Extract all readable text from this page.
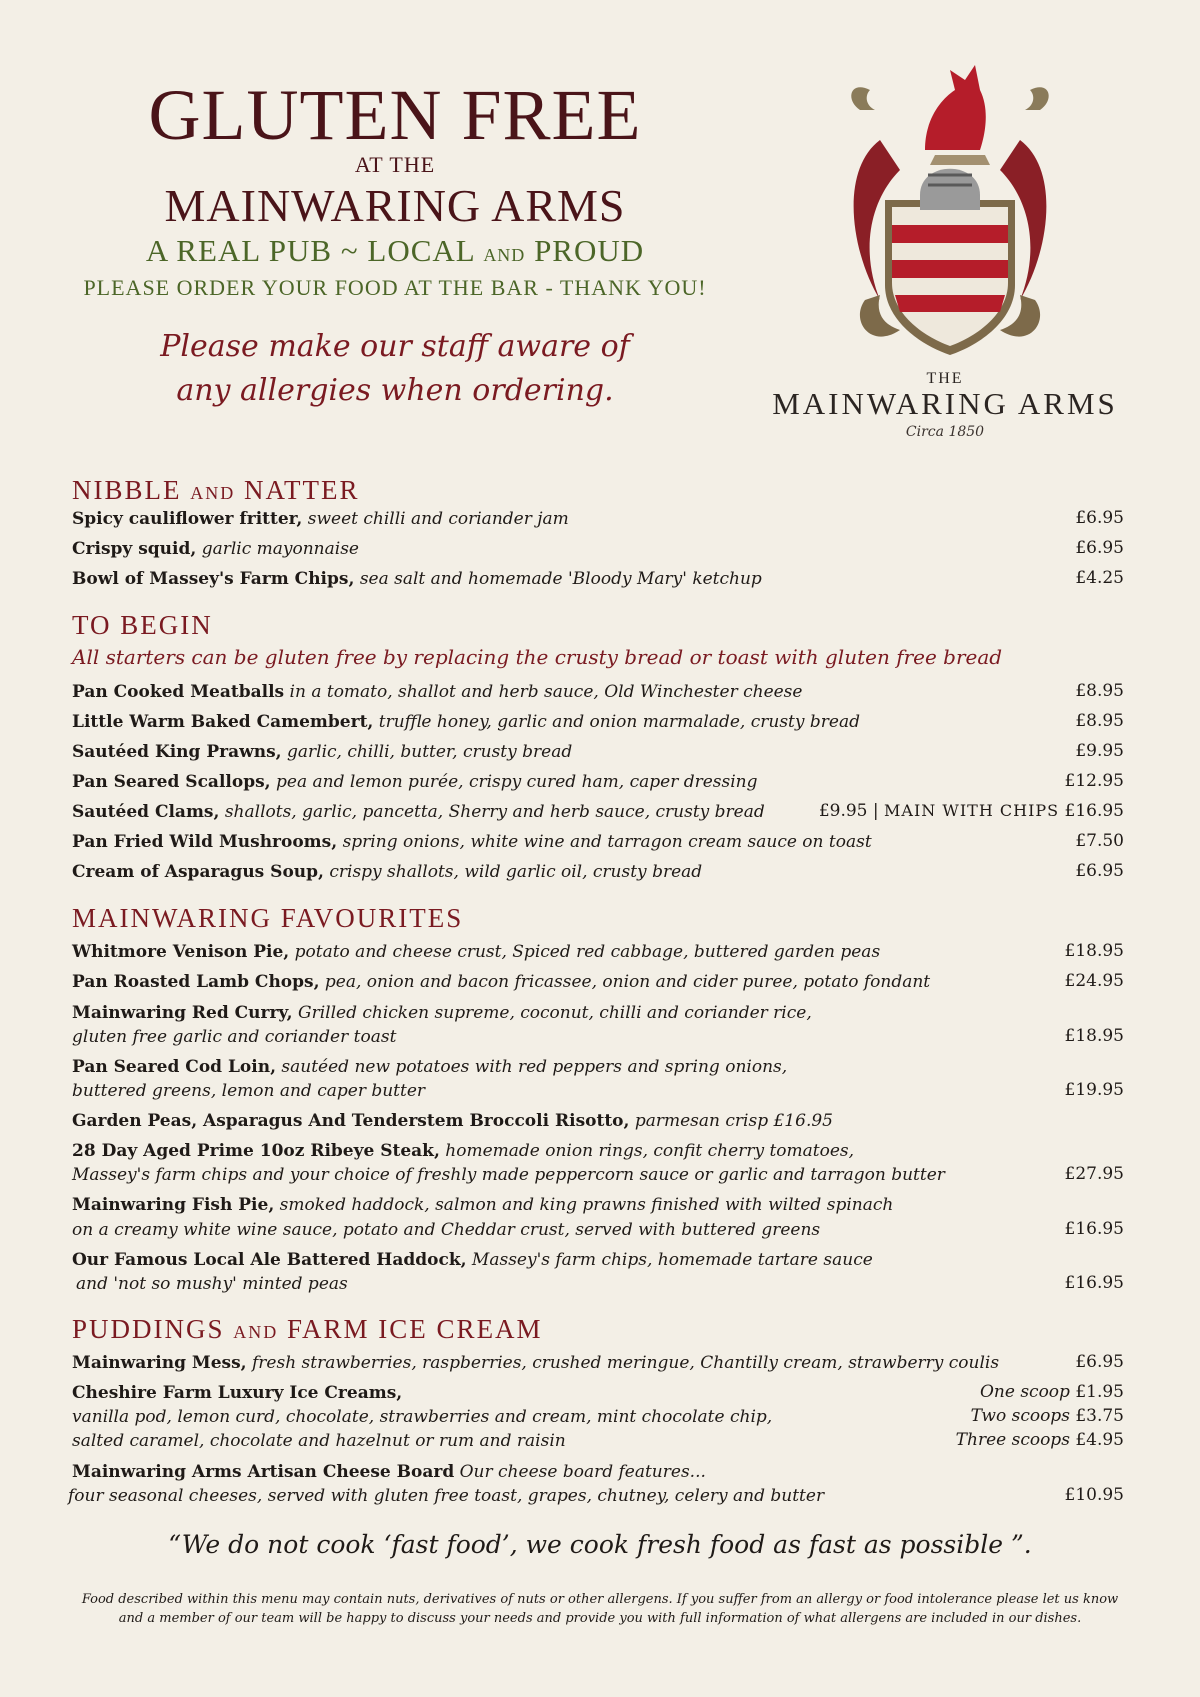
GLUTEN FREE
AT THE
MAINWARING ARMS
A REAL PUB ~ LOCAL AND PROUD
PLEASE ORDER YOUR FOOD AT THE BAR - THANK YOU!
Please make our staff aware of
any allergies when ordering.	THE
MAINWARING ARMS
Circa 1850
NIBBLE AND NATTER
Spicy cauliflower fritter, sweet chilli and coriander jam	£6.95
Crispy squid, garlic mayonnaise	£6.95
Bowl of Massey's Farm Chips, sea salt and homemade 'Bloody Mary' ketchup	£4.25
TO BEGIN
All starters can be gluten free by replacing the crusty bread or toast with gluten free bread
Pan Cooked Meatballs in a tomato, shallot and herb sauce, Old Winchester cheese	£8.95
Little Warm Baked Camembert, truffle honey, garlic and onion marmalade, crusty bread	£8.95
Sautéed King Prawns, garlic, chilli, butter, crusty bread	£9.95
Pan Seared Scallops, pea and lemon purée, crispy cured ham, caper dressing	£12.95
Sautéed Clams, shallots, garlic, pancetta, Sherry and herb sauce, crusty bread	£9.95 | MAIN WITH CHIPS £16.95
Pan Fried Wild Mushrooms, spring onions, white wine and tarragon cream sauce on toast	£7.50
Cream of Asparagus Soup, crispy shallots, wild garlic oil, crusty bread	£6.95
MAINWARING FAVOURITES
Whitmore Venison Pie, potato and cheese crust, Spiced red cabbage, buttered garden peas	£18.95
Pan Roasted Lamb Chops, pea, onion and bacon fricassee, onion and cider puree, potato fondant	£24.95
Mainwaring Red Curry, Grilled chicken supreme, coconut, chilli and coriander rice,
gluten free garlic and coriander toast	£18.95
Pan Seared Cod Loin, sautéed new potatoes with red peppers and spring onions,
buttered greens, lemon and caper butter	£19.95
Garden Peas, Asparagus And Tenderstem Broccoli Risotto, parmesan crisp £16.95
28 Day Aged Prime 10oz Ribeye Steak, homemade onion rings, confit cherry tomatoes,
Massey's farm chips and your choice of freshly made peppercorn sauce or garlic and tarragon butter	£27.95
Mainwaring Fish Pie, smoked haddock, salmon and king prawns finished with wilted spinach
on a creamy white wine sauce, potato and Cheddar crust, served with buttered greens	£16.95
Our Famous Local Ale Battered Haddock, Massey's farm chips, homemade tartare sauce
and 'not so mushy' minted peas	£16.95
PUDDINGS AND FARM ICE CREAM
Mainwaring Mess, fresh strawberries, raspberries, crushed meringue, Chantilly cream, strawberry coulis	£6.95
Cheshire Farm Luxury Ice Creams,
vanilla pod, lemon curd, chocolate, strawberries and cream, mint chocolate chip,
salted caramel, chocolate and hazelnut or rum and raisin
One scoop £1.95
Two scoops £3.75
Three scoops £4.95
Mainwaring Arms Artisan Cheese Board Our cheese board features...
four seasonal cheeses, served with gluten free toast, grapes, chutney, celery and butter	£10.95
“We do not cook ‘fast food’, we cook fresh food as fast as possible ”.
Food described within this menu may contain nuts, derivatives of nuts or other allergens. If you suffer from an allergy or food intolerance please let us know
and a member of our team will be happy to discuss your needs and provide you with full information of what allergens are included in our dishes.
